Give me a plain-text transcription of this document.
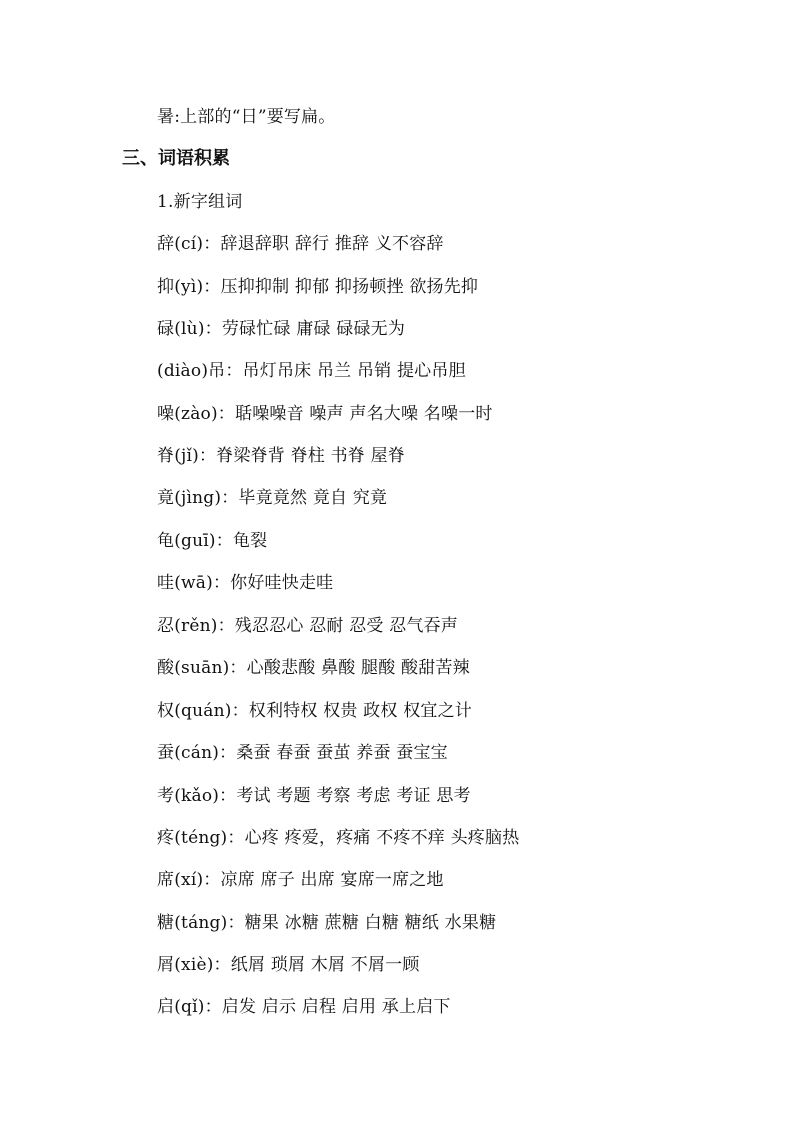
暑:上部的“日”要写扁。
三、词语积累
1.新字组词
辞(cí)：辞退辞职 辞行 推辞 义不容辞
抑(yì)：压抑抑制 抑郁 抑扬顿挫 欲扬先抑
碌(lù)：劳碌忙碌 庸碌 碌碌无为
(diào)吊：吊灯吊床 吊兰 吊销 提心吊胆
噪(zào)：聒噪噪音 噪声 声名大噪 名噪一时
脊(jǐ)：脊梁脊背 脊柱 书脊 屋脊
竟(jìng)：毕竟竟然 竟自 究竟
龟(guī)：龟裂
哇(wā)：你好哇快走哇
忍(rěn)：残忍忍心 忍耐 忍受 忍气吞声
酸(suān)：心酸悲酸 鼻酸 腿酸 酸甜苦辣
权(quán)：权利特权 权贵 政权 权宜之计
蚕(cán)：桑蚕 春蚕 蚕茧 养蚕 蚕宝宝
考(kǎo)：考试 考题 考察 考虑 考证 思考
疼(téng)：心疼 疼爱，疼痛 不疼不痒 头疼脑热
席(xí)：凉席 席子 出席 宴席一席之地
糖(táng)：糖果 冰糖 蔗糖 白糖 糖纸 水果糖
屑(xiè)：纸屑 琐屑 木屑 不屑一顾
启(qǐ)：启发 启示 启程 启用 承上启下
